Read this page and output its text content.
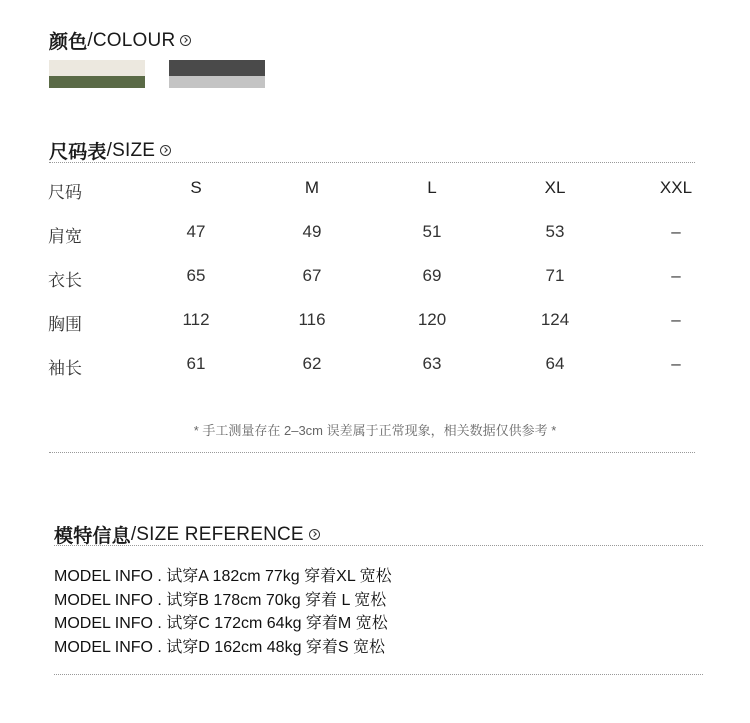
颜色 /COLOUR
尺码表 /SIZE
尺码	S	M	L	XL	XXL
肩宽	47	49	51	53	–
衣长	65	67	69	71	–
胸围	112	116	120	124	–
袖长	61	62	63	64	–
* 手工测量存在 2–3cm 误差属于正常现象，相关数据仅供参考 *
模特信息 /SIZE REFERENCE
MODEL INFO . 试穿A 182cm 77kg 穿着XL 宽松
MODEL INFO . 试穿B 178cm 70kg 穿着 L 宽松
MODEL INFO . 试穿C 172cm 64kg 穿着M 宽松
MODEL INFO . 试穿D 162cm 48kg 穿着S 宽松
